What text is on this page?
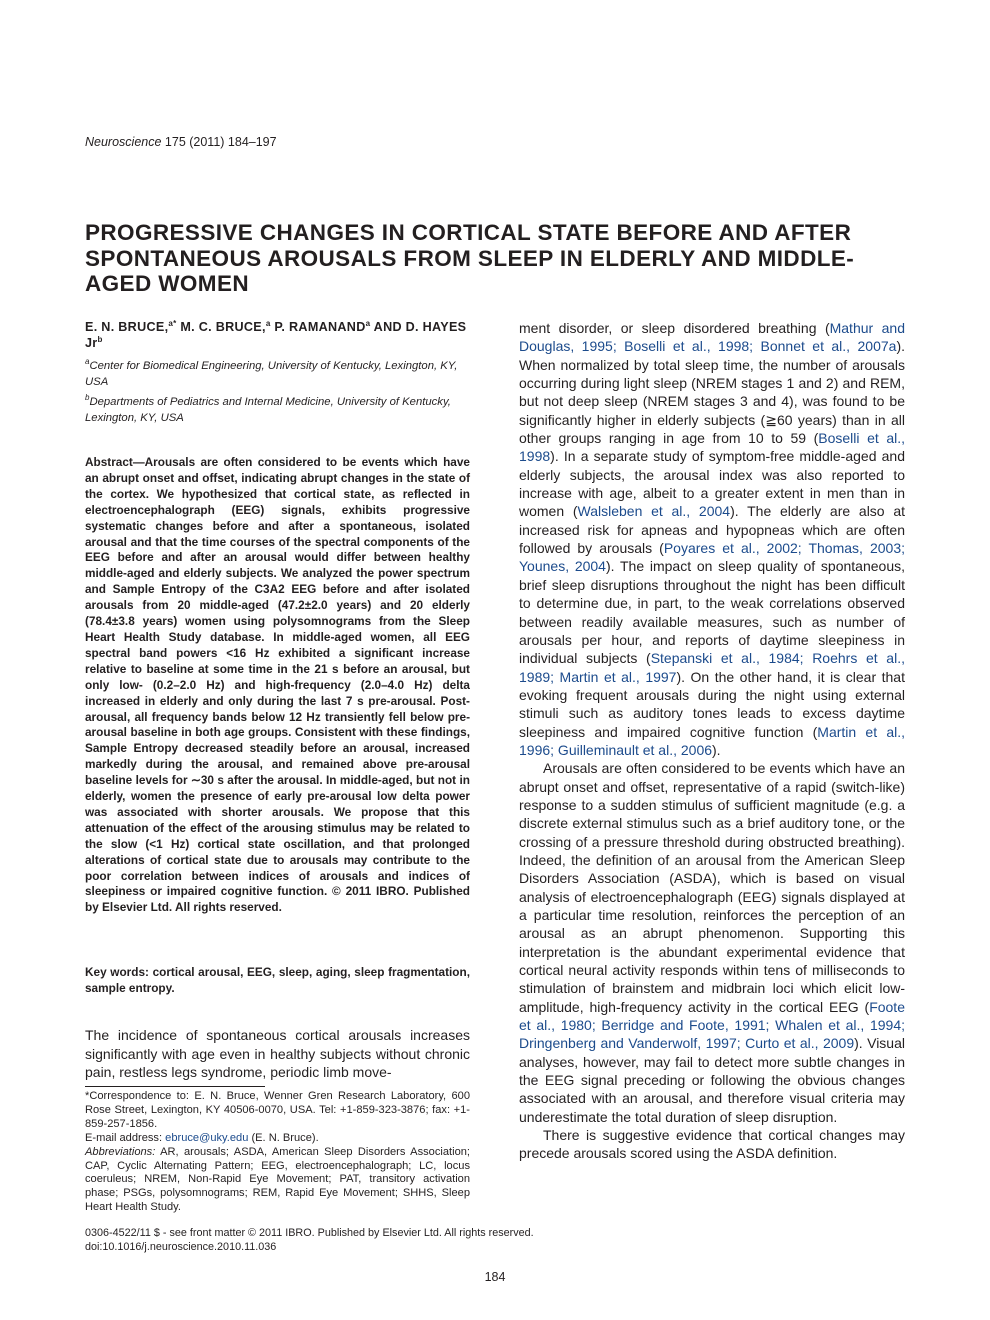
Neuroscience 175 (2011) 184–197
PROGRESSIVE CHANGES IN CORTICAL STATE BEFORE AND AFTER SPONTANEOUS AROUSALS FROM SLEEP IN ELDERLY AND MIDDLE-AGED WOMEN
E. N. BRUCE,$^{a*}$ M. C. BRUCE,$^a$ P. RAMANAND$^a$ AND D. HAYES Jr$^b$
$^a$Center for Biomedical Engineering, University of Kentucky, Lexington, KY, USA
$^b$Departments of Pediatrics and Internal Medicine, University of Kentucky, Lexington, KY, USA
Abstract—Arousals are often considered to be events which have an abrupt onset and offset, indicating abrupt changes in the state of the cortex. We hypothesized that cortical state, as reflected in electroencephalograph (EEG) signals, exhibits progressive systematic changes before and after a spontaneous, isolated arousal and that the time courses of the spectral components of the EEG before and after an arousal would differ between healthy middle-aged and elderly subjects. We analyzed the power spectrum and Sample Entropy of the C3A2 EEG before and after isolated arousals from 20 middle-aged (47.2±2.0 years) and 20 elderly (78.4±3.8 years) women using polysomnograms from the Sleep Heart Health Study database. In middle-aged women, all EEG spectral band powers <16 Hz exhibited a significant increase relative to baseline at some time in the 21 s before an arousal, but only low- (0.2–2.0 Hz) and high-frequency (2.0–4.0 Hz) delta increased in elderly and only during the last 7 s pre-arousal. Post-arousal, all frequency bands below 12 Hz transiently fell below pre-arousal baseline in both age groups. Consistent with these findings, Sample Entropy decreased steadily before an arousal, increased markedly during the arousal, and remained above pre-arousal baseline levels for ∼30 s after the arousal. In middle-aged, but not in elderly, women the presence of early pre-arousal low delta power was associated with shorter arousals. We propose that this attenuation of the effect of the arousing stimulus may be related to the slow (<1 Hz) cortical state oscillation, and that prolonged alterations of cortical state due to arousals may contribute to the poor correlation between indices of arousals and indices of sleepiness or impaired cognitive function. © 2011 IBRO. Published by Elsevier Ltd. All rights reserved.
Key words: cortical arousal, EEG, sleep, aging, sleep fragmentation, sample entropy.
The incidence of spontaneous cortical arousals increases significantly with age even in healthy subjects without chronic pain, restless legs syndrome, periodic limb move-
*Correspondence to: E. N. Bruce, Wenner Gren Research Laboratory, 600 Rose Street, Lexington, KY 40506-0070, USA. Tel: +1-859-323-3876; fax: +1-859-257-1856.
E-mail address: ebruce@uky.edu (E. N. Bruce).
Abbreviations: AR, arousals; ASDA, American Sleep Disorders Association; CAP, Cyclic Alternating Pattern; EEG, electroencephalograph; LC, locus coeruleus; NREM, Non-Rapid Eye Movement; PAT, transitory activation phase; PSGs, polysomnograms; REM, Rapid Eye Movement; SHHS, Sleep Heart Health Study.
0306-4522/11 $ - see front matter © 2011 IBRO. Published by Elsevier Ltd. All rights reserved.
doi:10.1016/j.neuroscience.2010.11.036
184

ment disorder, or sleep disordered breathing (Mathur and Douglas, 1995; Boselli et al., 1998; Bonnet et al., 2007a). When normalized by total sleep time, the number of arousals occurring during light sleep (NREM stages 1 and 2) and REM, but not deep sleep (NREM stages 3 and 4), was found to be significantly higher in elderly subjects (≧60 years) than in all other groups ranging in age from 10 to 59 (Boselli et al., 1998). In a separate study of symptom-free middle-aged and elderly subjects, the arousal index was also reported to increase with age, albeit to a greater extent in men than in women (Walsleben et al., 2004). The elderly are also at increased risk for apneas and hypopneas which are often followed by arousals (Poyares et al., 2002; Thomas, 2003; Younes, 2004). The impact on sleep quality of spontaneous, brief sleep disruptions throughout the night has been difficult to determine due, in part, to the weak correlations observed between readily available measures, such as number of arousals per hour, and reports of daytime sleepiness in individual subjects (Stepanski et al., 1984; Roehrs et al., 1989; Martin et al., 1997). On the other hand, it is clear that evoking frequent arousals during the night using external stimuli such as auditory tones leads to excess daytime sleepiness and impaired cognitive function (Martin et al., 1996; Guilleminault et al., 2006).

Arousals are often considered to be events which have an abrupt onset and offset, representative of a rapid (switch-like) response to a sudden stimulus of sufficient magnitude (e.g. a discrete external stimulus such as a brief auditory tone, or the crossing of a pressure threshold during obstructed breathing). Indeed, the definition of an arousal from the American Sleep Disorders Association (ASDA), which is based on visual analysis of electroencephalograph (EEG) signals displayed at a particular time resolution, reinforces the perception of an arousal as an abrupt phenomenon. Supporting this interpretation is the abundant experimental evidence that cortical neural activity responds within tens of milliseconds to stimulation of brainstem and midbrain loci which elicit low-amplitude, high-frequency activity in the cortical EEG (Foote et al., 1980; Berridge and Foote, 1991; Whalen et al., 1994; Dringenberg and Vanderwolf, 1997; Curto et al., 2009). Visual analyses, however, may fail to detect more subtle changes in the EEG signal preceding or following the obvious changes associated with an arousal, and therefore visual criteria may underestimate the total duration of sleep disruption.

There is suggestive evidence that cortical changes may precede arousals scored using the ASDA definition.
